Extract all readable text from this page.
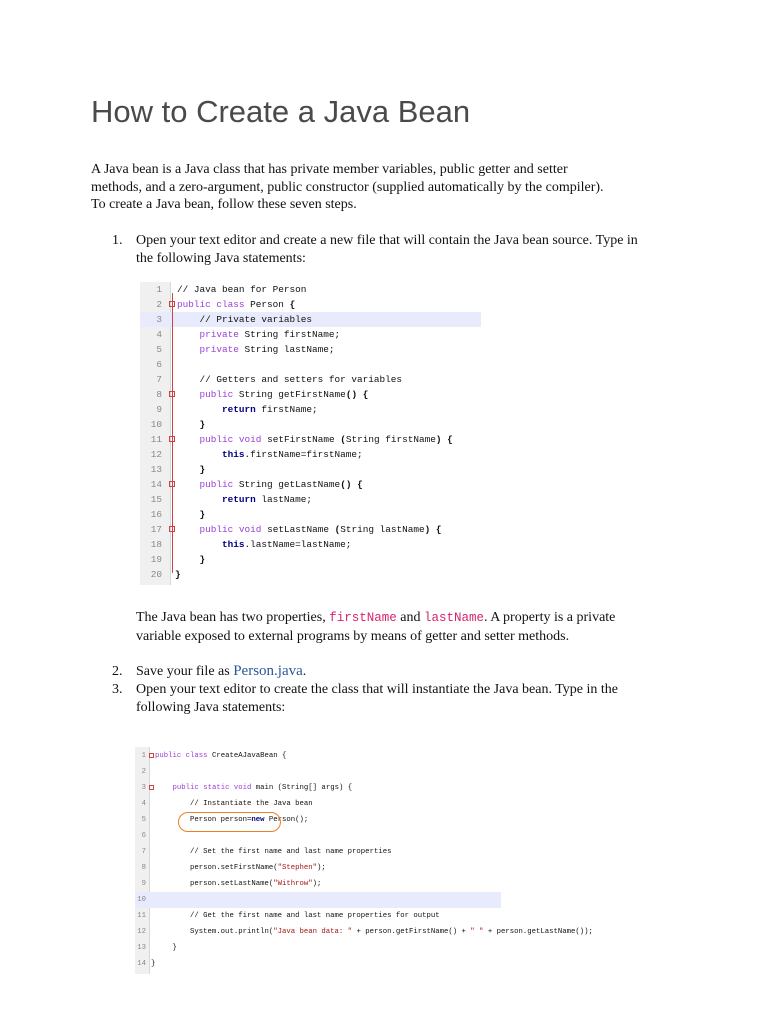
How to Create a Java Bean

A Java bean is a Java class that has private member variables, public getter and setter methods, and a zero-argument, public constructor (supplied automatically by the compiler). To create a Java bean, follow these seven steps.

1. Open your text editor and create a new file that will contain the Java bean source. Type in the following Java statements:
1 // Java bean for Person
2 public class Person {
3 // Private variables
4	private String firstName;
5	private String lastName;
6
7 // Getters and setters for variables
8	public String getFirstName() {
9	return firstName;
10 }
11	public void setFirstName (String firstName) {
12	this.firstName=firstName;
13 }
14	public String getLastName() {
15	return lastName;
16 }
17	public void setLastName (String lastName) {
18	this.lastName=lastName;
19 }
20 }

The Java bean has two properties, firstName and lastName. A property is a private variable exposed to external programs by means of getter and setter methods.

2. Save your file as Person.java.
3. Open your text editor to create the class that will instantiate the Java bean. Type in the following Java statements:
1 public class CreateAJavaBean {
2
3	public static void main (String[] args) {
4 // Instantiate the Java bean
5 Person person=new Person();
6
7 // Set the first name and last name properties
8 person.setFirstName("Stephen");
9 person.setLastName("Withrow");
10
11 // Get the first name and last name properties for output
12 System.out.println("Java bean data: " + person.getFirstName() + " " + person.getLastName());
13 }
14 }
